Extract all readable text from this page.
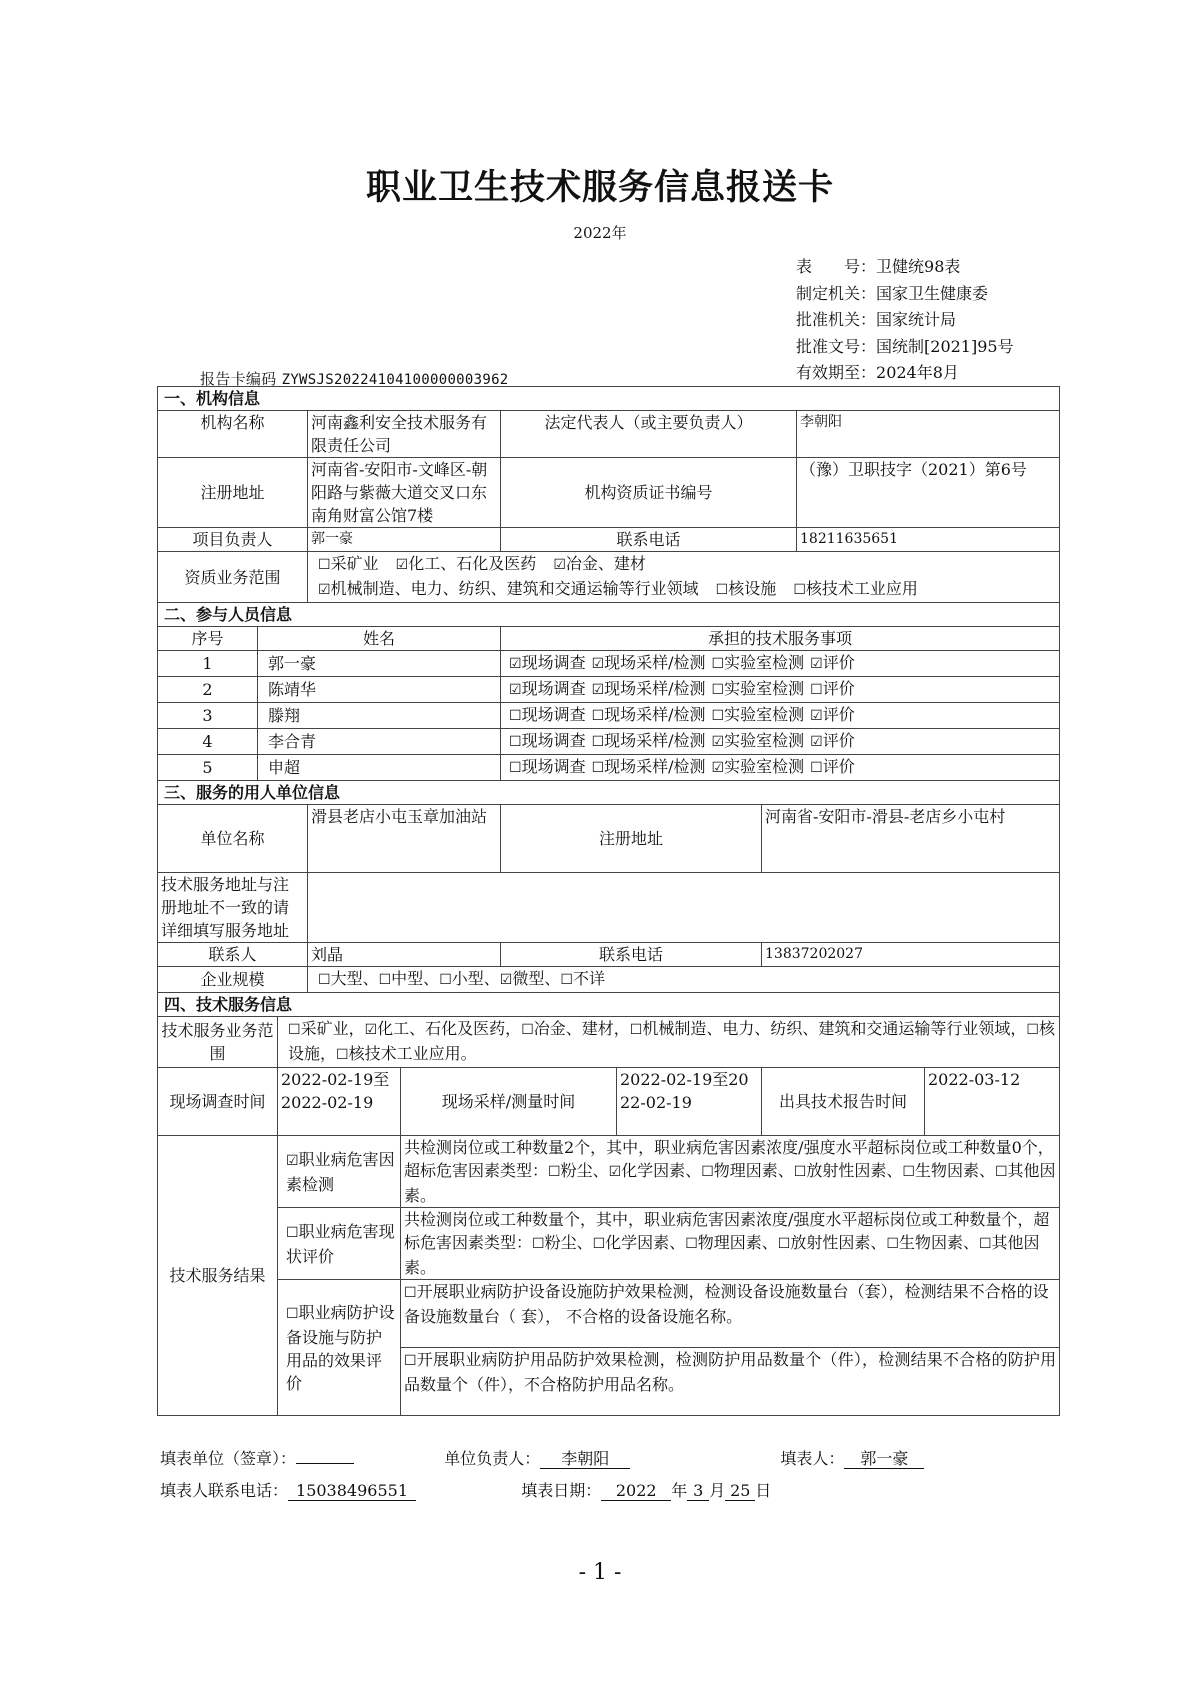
职业卫生技术服务信息报送卡
2022年
表　　号：卫健统98表
制定机关：国家卫生健康委
批准机关：国家统计局
批准文号：国统制[2021]95号
有效期至：2024年8月
报告卡编码 ZYWSJS20224104100000003962
一、机构信息									
机构名称			河南鑫利安全技术服务有限责任公司		法定代表人（或主要负责人）			李朝阳	
注册地址			河南省-安阳市-文峰区-朝阳路与紫薇大道交叉口东南角财富公馆7楼		机构资质证书编号			（豫）卫职技字（2021）第6号	
项目负责人			郭一豪		联系电话			18211635651	
资质业务范围			☐采矿业 ☑化工、石化及医药 ☑冶金、建材
☑机械制造、电力、纺织、建筑和交通运输等行业领域 ☐核设施 ☐核技术工业应用						

二、参与人员信息									
序号	姓名				承担的技术服务事项				
1	郭一豪				☑现场调查 ☑现场采样/检测 ☐实验室检测 ☑评价				
2	陈靖华				☑现场调查 ☑现场采样/检测 ☐实验室检测 ☐评价				
3	滕翔				☐现场调查 ☐现场采样/检测 ☐实验室检测 ☑评价				
4	李合青				☐现场调查 ☐现场采样/检测 ☑实验室检测 ☑评价				
5	申超				☐现场调查 ☐现场采样/检测 ☑实验室检测 ☐评价				
三、服务的用人单位信息									
单位名称			滑县老店小屯玉章加油站		注册地址		河南省-安阳市-滑县-老店乡小屯村		
技术服务地址与注册地址不一致的请详细填写服务地址									
联系人			刘晶		联系电话		13837202027		
企业规模			☐大型、☐中型、☐小型、☑微型、☐不详						
四、技术服务信息									
技术服务业务范围		☐采矿业，☑化工、石化及医药，☐冶金、建材，☐机械制造、电力、纺织、建筑和交通运输等行业领域，☐核设施，☐核技术工业应用。							
现场调查时间		2022-02-19至2022-02-19		现场采样/测量时间		2022-02-19至2022-02-19	出具技术报告时间		2022-03-12
技术服务结果		☑职业病危害因素检测		共检测岗位或工种数量2个，其中，职业病危害因素浓度/强度水平超标岗位或工种数量0个，超标危害因素类型：☐粉尘、☑化学因素、☐物理因素、☐放射性因素、☐生物因素、☐其他因素。					
		☐职业病危害现状评价		共检测岗位或工种数量个，其中，职业病危害因素浓度/强度水平超标岗位或工种数量个，超标危害因素类型：☐粉尘、☐化学因素、☐物理因素、☐放射性因素、☐生物因素、☐其他因素。					
		☐职业病防护设备设施与防护用品的效果评价		☐开展职业病防护设备设施防护效果检测，检测设备设施数量台（套），检测结果不合格的设备设施数量台（ 套）， 不合格的设备设施名称。					
				☐开展职业病防护用品防护效果检测，检测防护用品数量个（件），检测结果不合格的防护用品数量个（件），不合格防护用品名称。					
填表单位（签章）：	单位负责人： 李朝阳	填表人： 郭一豪
填表人联系电话： 15038496551	填表日期： 2022 年 3 月 25 日
- 1 -
